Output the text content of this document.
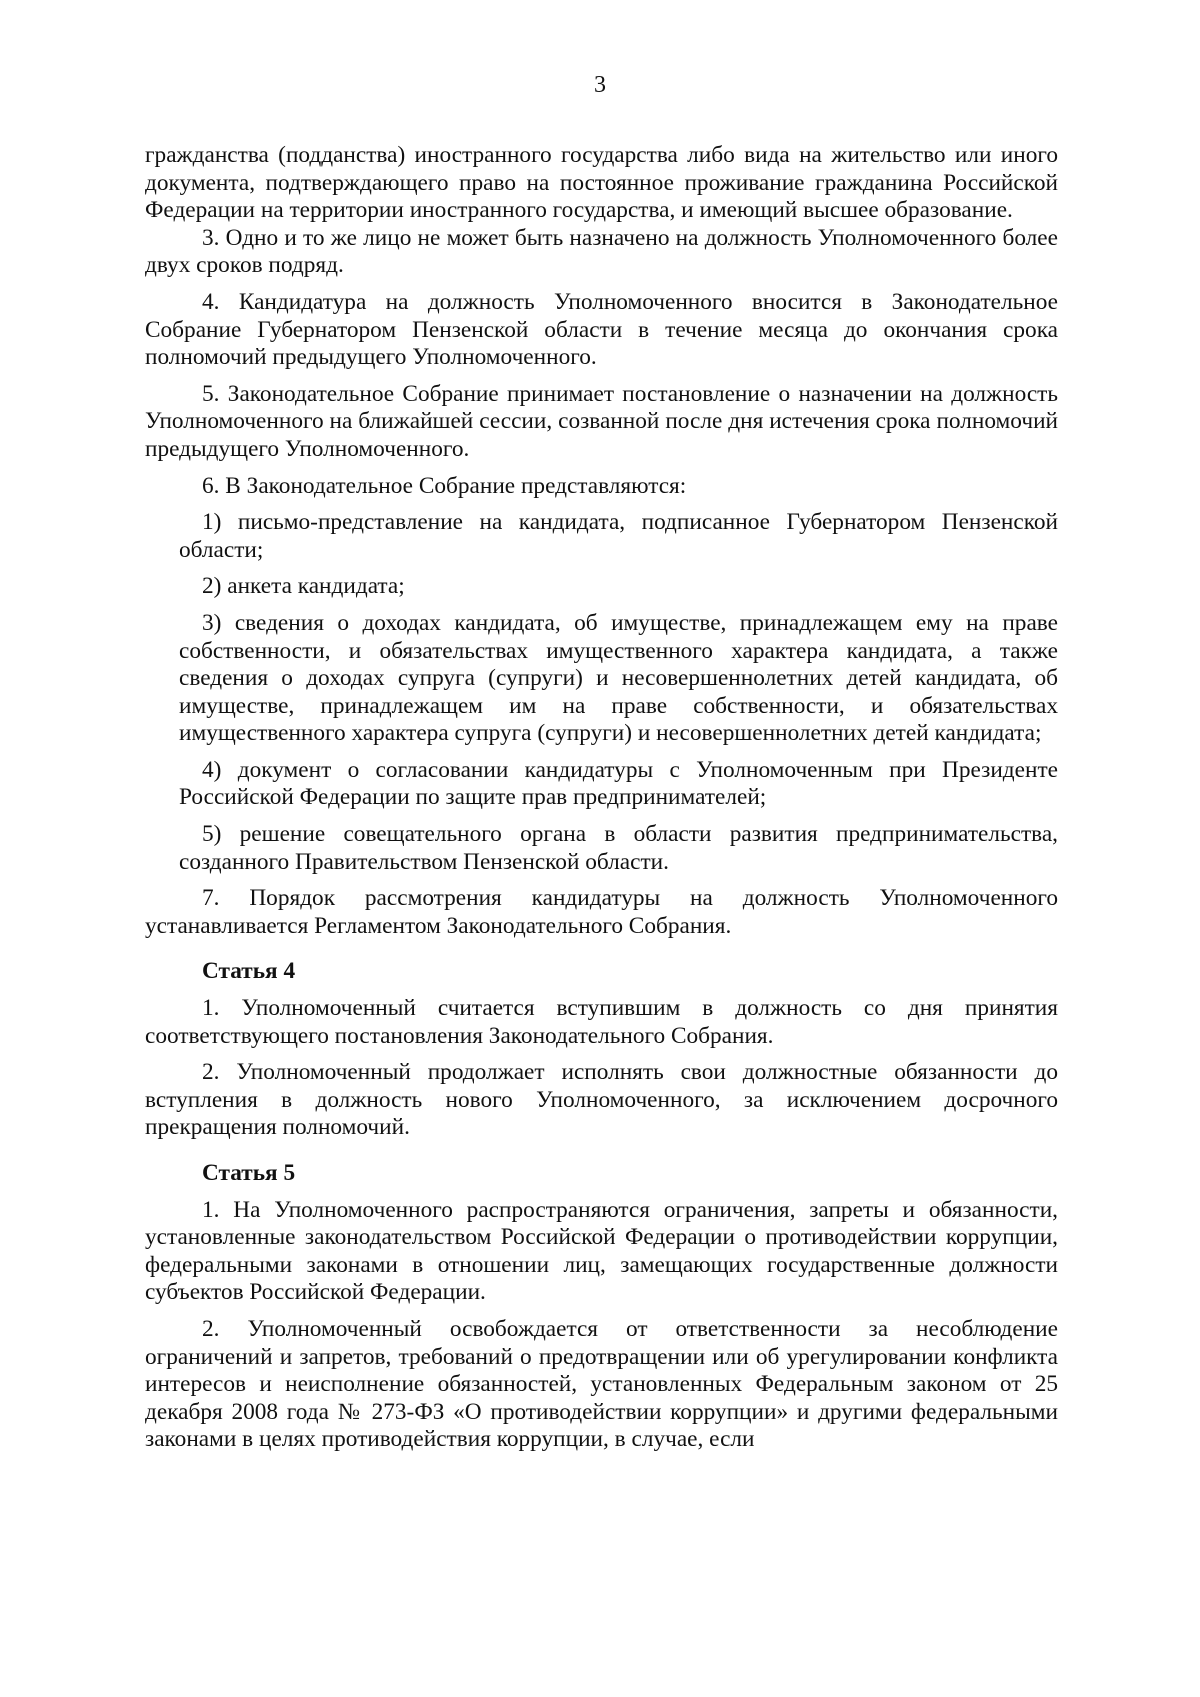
3

гражданства (подданства) иностранного государства либо вида на жительство или иного документа, подтверждающего право на постоянное проживание гражданина Российской Федерации на территории иностранного государства, и имеющий высшее образование.

3. Одно и то же лицо не может быть назначено на должность Уполномоченного более двух сроков подряд.

4. Кандидатура на должность Уполномоченного вносится в Законодательное Собрание Губернатором Пензенской области в течение месяца до окончания срока полномочий предыдущего Уполномоченного.

5. Законодательное Собрание принимает постановление о назначении на должность Уполномоченного на ближайшей сессии, созванной после дня истечения срока полномочий предыдущего Уполномоченного.

6. В Законодательное Собрание представляются:

1) письмо-представление на кандидата, подписанное Губернатором Пензенской области;

2) анкета кандидата;

3) сведения о доходах кандидата, об имуществе, принадлежащем ему на праве собственности, и обязательствах имущественного характера кандидата, а также сведения о доходах супруга (супруги) и несовершеннолетних детей кандидата, об имуществе, принадлежащем им на праве собственности, и обязательствах имущественного характера супруга (супруги) и несовершеннолетних детей кандидата;

4) документ о согласовании кандидатуры с Уполномоченным при Президенте Российской Федерации по защите прав предпринимателей;

5) решение совещательного органа в области развития предпринимательства, созданного Правительством Пензенской области.

7. Порядок рассмотрения кандидатуры на должность Уполномоченного устанавливается Регламентом Законодательного Собрания.

Статья 4

1. Уполномоченный считается вступившим в должность со дня принятия соответствующего постановления Законодательного Собрания.

2. Уполномоченный продолжает исполнять свои должностные обязанности до вступления в должность нового Уполномоченного, за исключением досрочного прекращения полномочий.

Статья 5

1. На Уполномоченного распространяются ограничения, запреты и обязанности, установленные законодательством Российской Федерации о противодействии коррупции, федеральными законами в отношении лиц, замещающих государственные должности субъектов Российской Федерации.

2. Уполномоченный освобождается от ответственности за несоблюдение ограничений и запретов, требований о предотвращении или об урегулировании конфликта интересов и неисполнение обязанностей, установленных Федеральным законом от 25 декабря 2008 года № 273-ФЗ «О противодействии коррупции» и другими федеральными законами в целях противодействия коррупции, в случае, если
